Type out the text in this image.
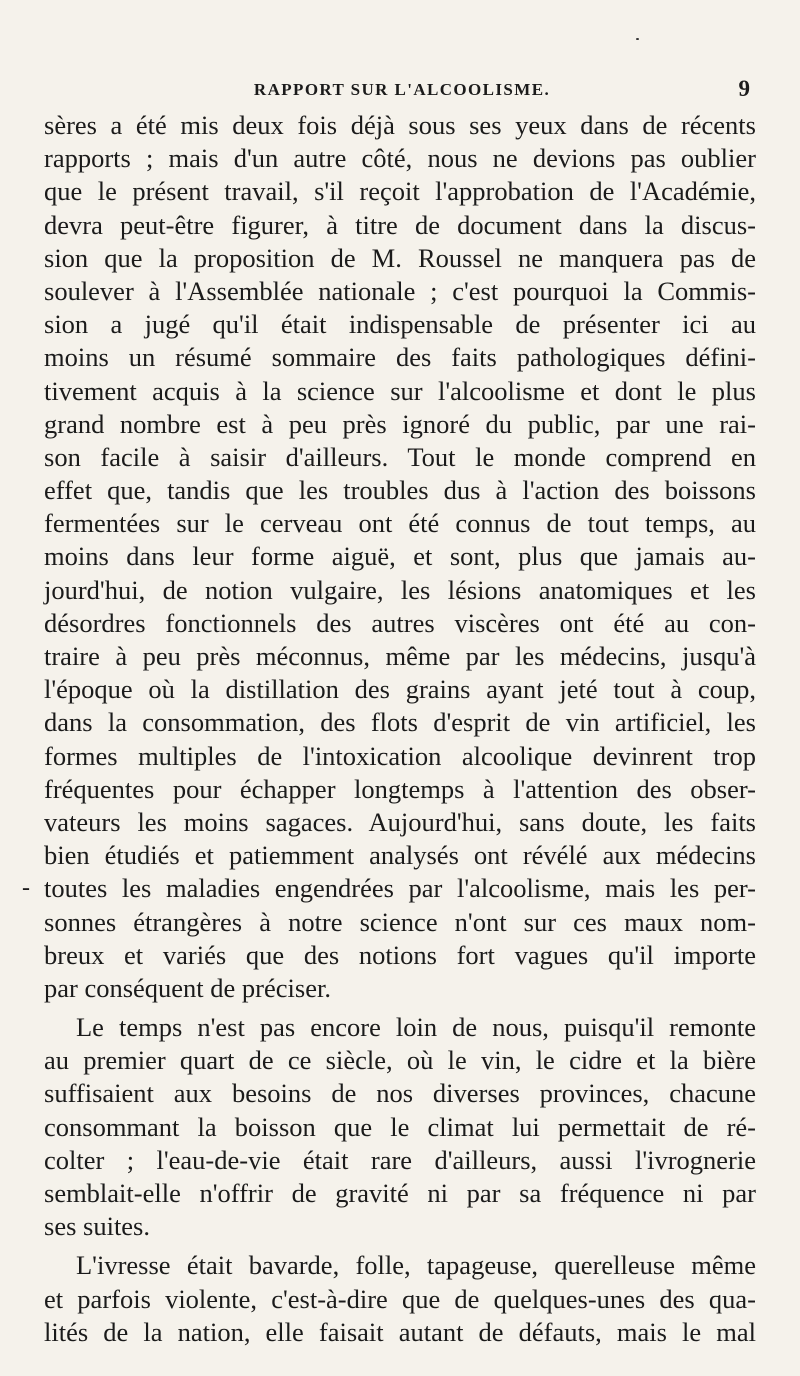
RAPPORT SUR L'ALCOOLISME.	9
sères a été mis deux fois déjà sous ses yeux dans de récents
rapports ; mais d'un autre côté, nous ne devions pas oublier
que le présent travail, s'il reçoit l'approbation de l'Académie,
devra peut-être figurer, à titre de document dans la discus-
sion que la proposition de M. Roussel ne manquera pas de
soulever à l'Assemblée nationale ; c'est pourquoi la Commis-
sion a jugé qu'il était indispensable de présenter ici au
moins un résumé sommaire des faits pathologiques défini-
tivement acquis à la science sur l'alcoolisme et dont le plus
grand nombre est à peu près ignoré du public, par une rai-
son facile à saisir d'ailleurs. Tout le monde comprend en
effet que, tandis que les troubles dus à l'action des boissons
fermentées sur le cerveau ont été connus de tout temps, au
moins dans leur forme aiguë, et sont, plus que jamais au-
jourd'hui, de notion vulgaire, les lésions anatomiques et les
désordres fonctionnels des autres viscères ont été au con-
traire à peu près méconnus, même par les médecins, jusqu'à
l'époque où la distillation des grains ayant jeté tout à coup,
dans la consommation, des flots d'esprit de vin artificiel, les
formes multiples de l'intoxication alcoolique devinrent trop
fréquentes pour échapper longtemps à l'attention des obser-
vateurs les moins sagaces. Aujourd'hui, sans doute, les faits
bien étudiés et patiemment analysés ont révélé aux médecins
- toutes les maladies engendrées par l'alcoolisme, mais les per-
sonnes étrangères à notre science n'ont sur ces maux nom-
breux et variés que des notions fort vagues qu'il importe
par conséquent de préciser.
Le temps n'est pas encore loin de nous, puisqu'il remonte
au premier quart de ce siècle, où le vin, le cidre et la bière
suffisaient aux besoins de nos diverses provinces, chacune
consommant la boisson que le climat lui permettait de ré-
colter ; l'eau-de-vie était rare d'ailleurs, aussi l'ivrognerie
semblait-elle n'offrir de gravité ni par sa fréquence ni par
ses suites.
L'ivresse était bavarde, folle, tapageuse, querelleuse même
et parfois violente, c'est-à-dire que de quelques-unes des qua-
lités de la nation, elle faisait autant de défauts, mais le mal
